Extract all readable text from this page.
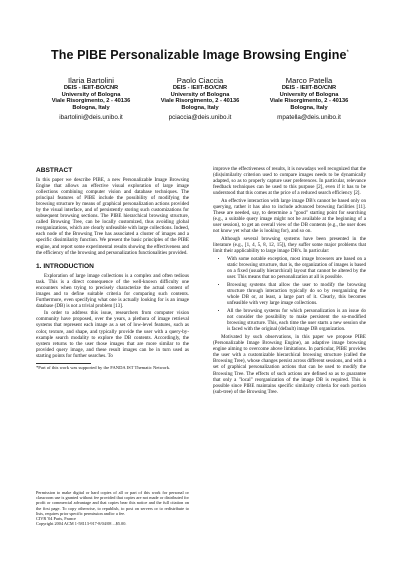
The PIBE Personalizable Image Browsing Engine*
Ilaria Bartolini
DEIS - IEIIT-BO/CNR
University of Bologna
Viale Risorgimento, 2 - 40136
Bologna, Italy
ibartolini@deis.unibo.it
Paolo Ciaccia
DEIS - IEIIT-BO/CNR
University of Bologna
Viale Risorgimento, 2 - 40136
Bologna, Italy
pciaccia@deis.unibo.it
Marco Patella
DEIS - IEIIT-BO/CNR
University of Bologna
Viale Risorgimento, 2 - 40136
Bologna, Italy
mpatella@deis.unibo.it
ABSTRACT

In this paper we describe PIBE, a new Personalizable Image Browsing Engine that allows an effective visual exploration of large image collections combining computer vision and database techniques. The principal features of PIBE include the possibility of modifying the browsing structure by means of graphical personalization actions provided by the visual interface, and of persistently storing such customizations for subsequent browsing sections. The PIBE hierarchical browsing structure, called Browsing Tree, can be locally customized, thus avoiding global reorganizations, which are clearly unfeasible with large collections. Indeed, each node of the Browsing Tree has associated a cluster of images and a specific dissimilarity function. We present the basic principles of the PIBE engine, and report some experimental results showing the effectiveness and the efficiency of the browsing and personalization functionalities provided.

1. INTRODUCTION

Exploration of large image collections is a complex and often tedious task. This is a direct consequence of the well-known difficulty one encounters when trying to precisely characterize the actual content of images and to define suitable criteria for comparing such contents. Furthermore, even specifying what one is actually looking for is an image database (DB) is not a trivial problem [13].

In order to address this issue, researchers from computer vision community have proposed, over the years, a plethora of image retrieval systems that represent each image as a set of low-level features, such as color, texture, and shape, and typically provide the user with a query-by-example search modality to explore the DB contents. Accordingly, the system returns to the user those images that are more similar to the provided query image, and these result images can be in turn used as starting points for further searches. To

*Part of this work was supported by the FANDA IST Thematic Network.

Permission to make digital or hard copies of all or part of this work for personal or classroom use is granted without fee provided that copies are not made or distributed for profit or commercial advantage and that copies bear this notice and the full citation on the first page. To copy otherwise, to republish, to post on servers or to redistribute to lists, requires prior specific permission and/or a fee.

CIVR '04 Paris, France

Copyright 2004 ACM 1-58113-917-8/04/08 ...$5.00.

improve the effectiveness of results, it is nowadays well recognized that the (dis)similarity criterion used to compare images needs to be dynamically adapted, so as to properly capture user preferences. In particular, relevance feedback techniques can be used to this purpose [2], even if it has to be understood that this comes at the price of a reduced search efficiency [2].

An effective interaction with large image DB's cannot be based only on querying, rather it has also to include advanced browsing facilities [11]. These are needed, say, to determine a "good" starting point for searching (e.g., a suitable query image might not be available at the beginning of a user session), to get an overall view of the DB contents (e.g., the user does not know yet what she is looking for), and so on.

Although several browsing systems have been presented in the literature (e.g., [1, 4, 5, 8, 12, 15]), they suffer some major problems that limit their applicability to large image DB's. In particular:

• With some notable exception, most image browsers are based on a static browsing structure, that is, the organization of images is based on a fixed (usually hierarchical) layout that cannot be altered by the user. This means that no personalization at all is possible.
• Browsing systems that allow the user to modify the browsing structure through interaction typically do so by reorganizing the whole DB or, at least, a large part of it. Clearly, this becomes unfeasible with very large image collections.
• All the browsing systems for which personalization is an issue do not consider the possibility to make persistent the so-modified browsing structure. This, each time the user starts a new session she is faced with the original (default) image DB organization.

Motivated by such observations, in this paper we propose PIBE (Personalizable Image Browsing Engine), an adaptive image browsing engine aiming to overcome above limitations. In particular, PIBE provides the user with a customizable hierarchical browsing structure (called the Browsing Tree), whose changes persist across different sessions, and with a set of graphical personalization actions that can be used to modify the Browsing Tree. The effects of such actions are defined so as to guarantee that only a "local" reorganization of the image DB is required. This is possible since PIBE maintains specific similarity criteria for each portion (sub-tree) of the Browsing Tree.
